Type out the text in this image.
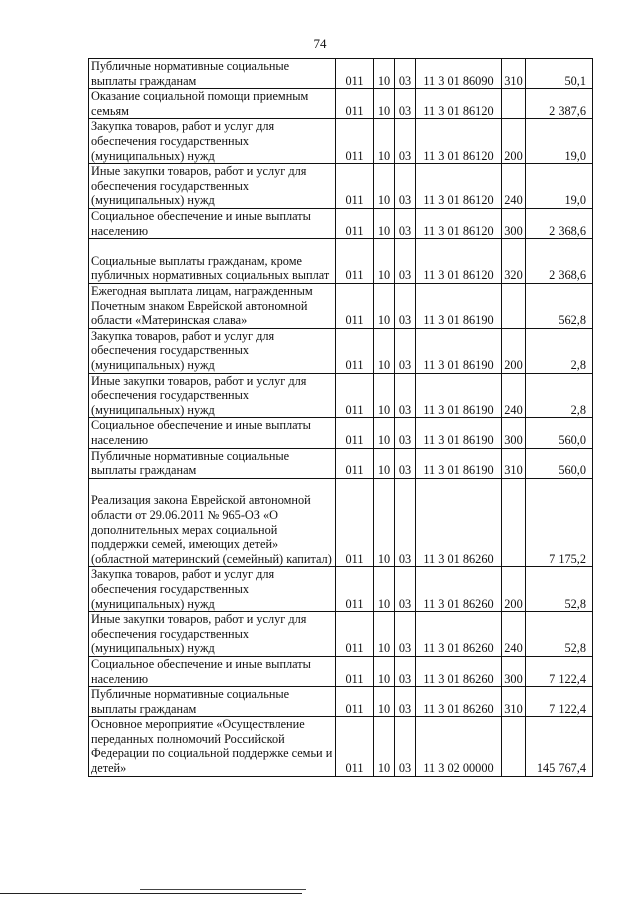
74
Публичные нормативные социальные выплаты гражданам	011	10	03	11 3 01 86090	310	50,1
Оказание социальной помощи приемным семьям	011	10	03	11 3 01 86120		2 387,6
Закупка товаров, работ и услуг для обеспечения государственных (муниципальных) нужд	011	10	03	11 3 01 86120	200	19,0
Иные закупки товаров, работ и услуг для обеспечения государственных (муниципальных) нужд	011	10	03	11 3 01 86120	240	19,0
Социальное обеспечение и иные выплаты населению	011	10	03	11 3 01 86120	300	2 368,6
Социальные выплаты гражданам, кроме публичных нормативных социальных выплат	011	10	03	11 3 01 86120	320	2 368,6
Ежегодная выплата лицам, награжденным Почетным знаком Еврейской автономной области «Материнская слава»	011	10	03	11 3 01 86190		562,8
Закупка товаров, работ и услуг для обеспечения государственных (муниципальных) нужд	011	10	03	11 3 01 86190	200	2,8
Иные закупки товаров, работ и услуг для обеспечения государственных (муниципальных) нужд	011	10	03	11 3 01 86190	240	2,8
Социальное обеспечение и иные выплаты населению	011	10	03	11 3 01 86190	300	560,0
Публичные нормативные социальные выплаты гражданам	011	10	03	11 3 01 86190	310	560,0
Реализация закона Еврейской автономной области от 29.06.2011 № 965-ОЗ «О дополнительных мерах социальной поддержки семей, имеющих детей» (областной материнский (семейный) капитал)	011	10	03	11 3 01 86260		7 175,2
Закупка товаров, работ и услуг для обеспечения государственных (муниципальных) нужд	011	10	03	11 3 01 86260	200	52,8
Иные закупки товаров, работ и услуг для обеспечения государственных (муниципальных) нужд	011	10	03	11 3 01 86260	240	52,8
Социальное обеспечение и иные выплаты населению	011	10	03	11 3 01 86260	300	7 122,4
Публичные нормативные социальные выплаты гражданам	011	10	03	11 3 01 86260	310	7 122,4
Основное мероприятие «Осуществление переданных полномочий Российской Федерации по социальной поддержке семьи и детей»	011	10	03	11 3 02 00000		145 767,4
